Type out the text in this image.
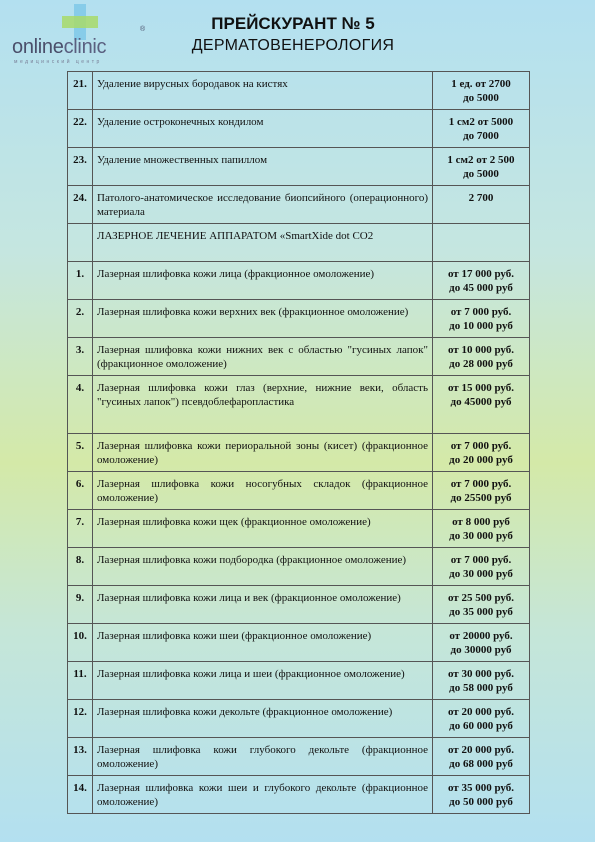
®
onlineclinic
медицинский центр
ПРЕЙСКУРАНТ № 5
ДЕРМАТОВЕНЕРОЛОГИЯ
21.	Удаление вирусных бородавок на кистях	1 ед. от 2700
до 5000
22.	Удаление остроконечных кондилом	1 см2 от 5000
до 7000
23.	Удаление множественных папиллом	1 см2 от 2 500
до 5000
24.	Патолого-анатомическое исследование биопсийного (операционного) материала	2 700
	ЛАЗЕРНОЕ ЛЕЧЕНИЕ АППАРАТОМ «SmartXide dot CO2	
1.	Лазерная шлифовка кожи лица (фракционное омоложение)	от 17 000 руб.
до 45 000 руб
2.	Лазерная шлифовка кожи верхних век (фракционное омоложение)	от 7 000 руб.
до 10 000 руб
3.	Лазерная шлифовка кожи нижних век с областью "гусиных лапок" (фракционное омоложение)	от 10 000 руб.
до 28 000 руб
4.	Лазерная шлифовка кожи глаз (верхние, нижние веки, область "гусиных лапок") псевдоблефаропластика	от 15 000 руб.
до 45000 руб
5.	Лазерная шлифовка кожи периоральной зоны (кисет) (фракционное омоложение)	от 7 000 руб.
до 20 000 руб
6.	Лазерная шлифовка кожи носогубных складок (фракционное омоложение)	от 7 000 руб.
до 25500 руб
7.	Лазерная шлифовка кожи щек (фракционное омоложение)	от 8 000 руб
до 30 000 руб
8.	Лазерная шлифовка кожи подбородка (фракционное омоложение)	от 7 000 руб.
до 30 000 руб
9.	Лазерная шлифовка кожи лица и век (фракционное омоложение)	от 25 500 руб.
до 35 000 руб
10.	Лазерная шлифовка кожи шеи (фракционное омоложение)	от 20000 руб.
до 30000 руб
11.	Лазерная шлифовка кожи лица и шеи (фракционное омоложение)	от 30 000 руб.
до 58 000 руб
12.	Лазерная шлифовка кожи декольте (фракционное омоложение)	от 20 000 руб.
до 60 000 руб
13.	Лазерная шлифовка кожи глубокого декольте (фракционное омоложение)	от 20 000 руб.
до 68 000 руб
14.	Лазерная шлифовка кожи шеи и глубокого декольте (фракционное омоложение)	от 35 000 руб.
до 50 000 руб
